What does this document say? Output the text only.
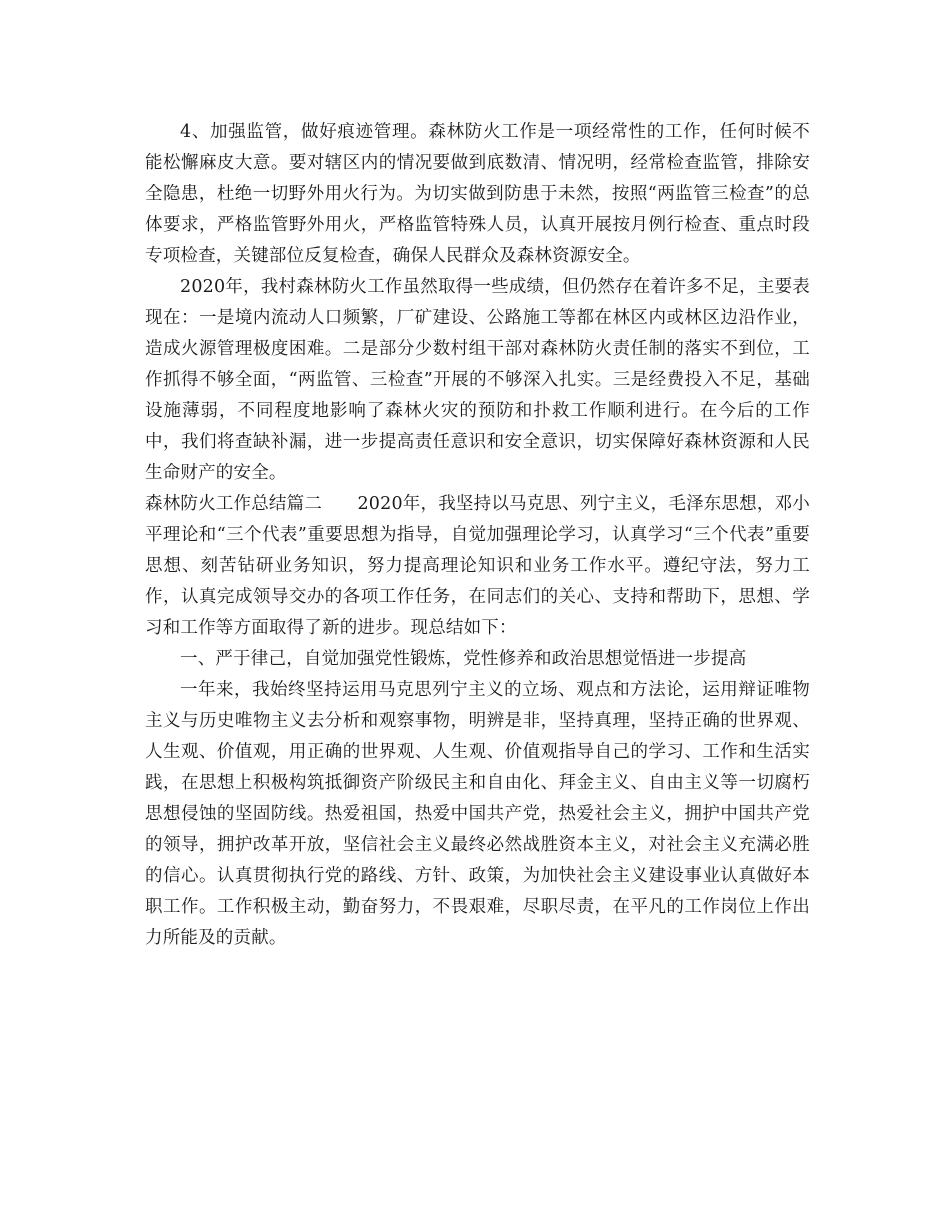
4、加强监管，做好痕迹管理。森林防火工作是一项经常性的工作，任何时候不能松懈麻皮大意。要对辖区内的情况要做到底数清、情况明，经常检查监管，排除安全隐患，杜绝一切野外用火行为。为切实做到防患于未然，按照“两监管三检查”的总体要求，严格监管野外用火，严格监管特殊人员，认真开展按月例行检查、重点时段专项检查，关键部位反复检查，确保人民群众及森林资源安全。

2020年，我村森林防火工作虽然取得一些成绩，但仍然存在着许多不足，主要表现在：一是境内流动人口频繁，厂矿建设、公路施工等都在林区内或林区边沿作业，造成火源管理极度困难。二是部分少数村组干部对森林防火责任制的落实不到位，工作抓得不够全面，“两监管、三检查”开展的不够深入扎实。三是经费投入不足，基础设施薄弱，不同程度地影响了森林火灾的预防和扑救工作顺利进行。在今后的工作中，我们将查缺补漏，进一步提高责任意识和安全意识，切实保障好森林资源和人民生命财产的安全。

森林防火工作总结篇二　　2020年，我坚持以马克思、列宁主义，毛泽东思想，邓小平理论和“三个代表”重要思想为指导，自觉加强理论学习，认真学习“三个代表”重要思想、刻苦钻研业务知识，努力提高理论知识和业务工作水平。遵纪守法，努力工作，认真完成领导交办的各项工作任务，在同志们的关心、支持和帮助下，思想、学习和工作等方面取得了新的进步。现总结如下：

一、严于律己，自觉加强党性锻炼，党性修养和政治思想觉悟进一步提高

一年来，我始终坚持运用马克思列宁主义的立场、观点和方法论，运用辩证唯物主义与历史唯物主义去分析和观察事物，明辨是非，坚持真理，坚持正确的世界观、人生观、价值观，用正确的世界观、人生观、价值观指导自己的学习、工作和生活实践，在思想上积极构筑抵御资产阶级民主和自由化、拜金主义、自由主义等一切腐朽思想侵蚀的坚固防线。热爱祖国，热爱中国共产党，热爱社会主义，拥护中国共产党的领导，拥护改革开放，坚信社会主义最终必然战胜资本主义，对社会主义充满必胜的信心。认真贯彻执行党的路线、方针、政策，为加快社会主义建设事业认真做好本职工作。工作积极主动，勤奋努力，不畏艰难，尽职尽责，在平凡的工作岗位上作出力所能及的贡献。
